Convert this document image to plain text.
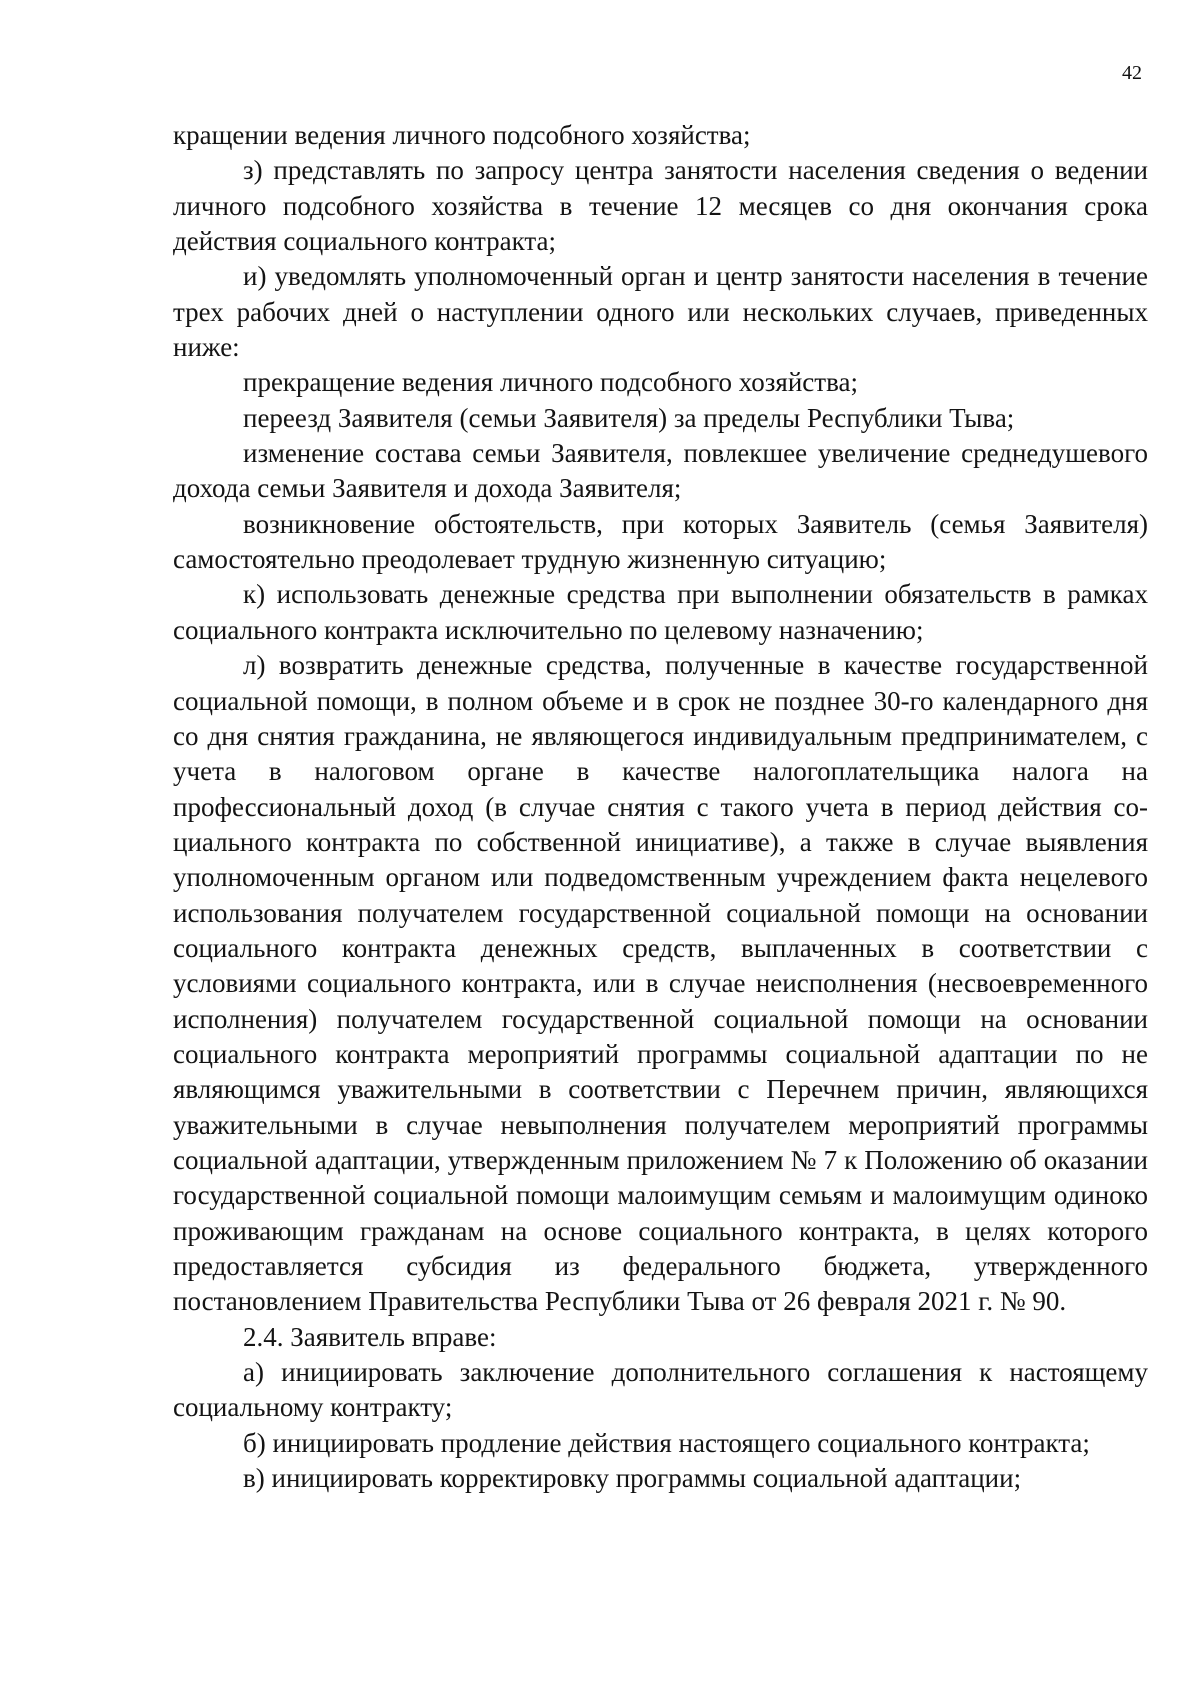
42

кращении ведения личного подсобного хозяйства;

з) представлять по запросу центра занятости населения сведения о ведении личного подсобного хозяйства в течение 12 месяцев со дня окончания срока действия социального контракта;

и) уведомлять уполномоченный орган и центр занятости населения в течение трех рабочих дней о наступлении одного или нескольких случаев, приведенных ниже:

прекращение ведения личного подсобного хозяйства;

переезд Заявителя (семьи Заявителя) за пределы Республики Тыва;

изменение состава семьи Заявителя, повлекшее увеличение среднедушевого дохода семьи Заявителя и дохода Заявителя;

возникновение обстоятельств, при которых Заявитель (семья Заявителя) самостоятельно преодолевает трудную жизненную ситуацию;

к) использовать денежные средства при выполнении обязательств в рамках социального контракта исключительно по целевому назначению;

л) возвратить денежные средства, полученные в качестве государственной социальной помощи, в полном объеме и в срок не позднее 30-го календарного дня со дня снятия гражданина, не являющегося индивидуальным предпринимателем, с учета в налоговом органе в качестве налогоплательщика налога на профессиональный доход (в случае снятия с такого учета в период действия социального контракта по собственной инициативе), а также в случае выявления уполномоченным органом или подведомственным учреждением факта нецелевого использования получателем государственной социальной помощи на основании социального контракта денежных средств, выплаченных в соответствии с условиями социального контракта, или в случае неисполнения (несвоевременного исполнения) получателем государственной социальной помощи на основании социального контракта мероприятий программы социальной адаптации по не являющимся уважительными в соответствии с Перечнем причин, являющихся уважительными в случае невыполнения получателем мероприятий программы социальной адаптации, утвержденным приложением № 7 к Положению об оказании государственной социальной помощи малоимущим семьям и малоимущим одиноко проживающим гражданам на основе социального контракта, в целях которого предоставляется субсидия из федерального бюджета, утвержденного постановлением Правительства Республики Тыва от 26 февраля 2021 г. № 90.

2.4. Заявитель вправе:

а) инициировать заключение дополнительного соглашения к настоящему социальному контракту;

б) инициировать продление действия настоящего социального контракта;

в) инициировать корректировку программы социальной адаптации;
